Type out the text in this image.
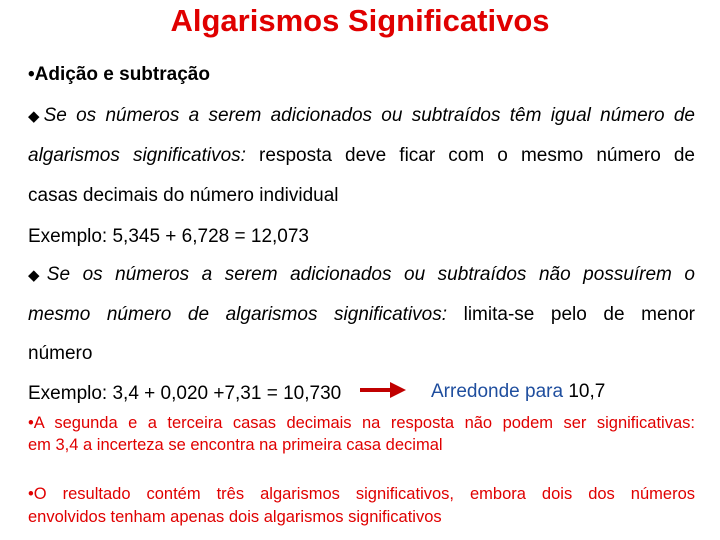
Algarismos Significativos
•Adição e subtração
◆Se os números a serem adicionados ou subtraídos têm igual número de
algarismos significativos: resposta deve ficar com o mesmo número de
casas decimais do número individual
Exemplo: 5,345 + 6,728 = 12,073
◆Se os números a serem adicionados ou subtraídos não possuírem o
mesmo número de algarismos significativos: limita-se pelo de menor
número
Exemplo: 3,4 + 0,020 +7,31 = 10,730	Arredonde para 10,7
•A segunda e a terceira casas decimais na resposta não podem ser significativas:
em 3,4 a incerteza se encontra na primeira casa decimal
•O resultado contém três algarismos significativos, embora dois dos números
envolvidos tenham apenas dois algarismos significativos
